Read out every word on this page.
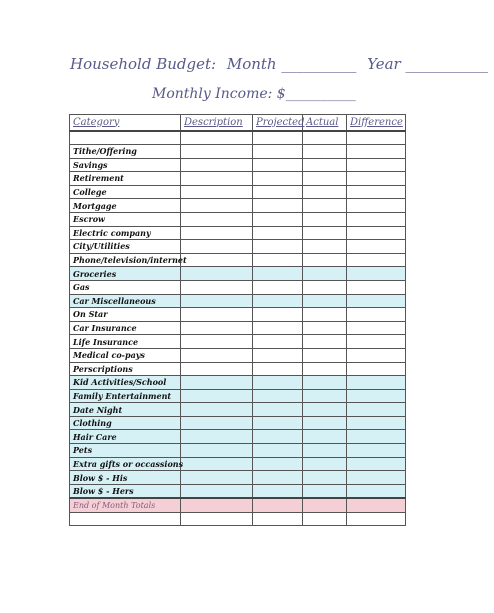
Household Budget: Month __________ Year ___________
Monthly Income: $__________
Category	Description	Projected	Actual	Difference

Tithe/Offering				
Savings				
Retirement				
College				
Mortgage				
Escrow				
Electric company				
City/Utilities				
Phone/television/internet				
Groceries				
Gas				
Car Miscellaneous				
On Star				
Car Insurance				
Life Insurance				
Medical co-pays				
Perscriptions				
Kid Activities/School				
Family Entertainment				
Date Night				
Clothing				
Hair Care				
Pets				
Extra gifts or occassions				
Blow $ - His				
Blow $ - Hers				
End of Month Totals				
